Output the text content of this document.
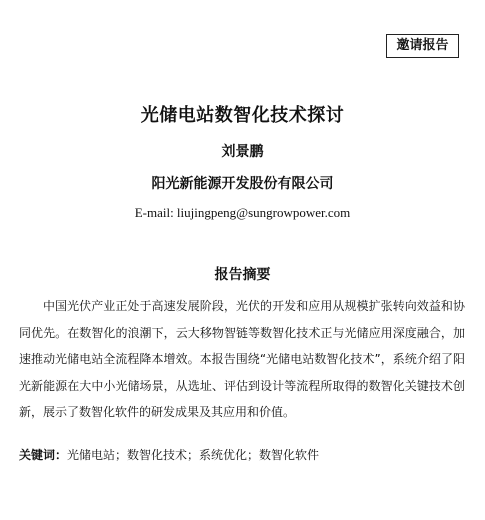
邀请报告
光储电站数智化技术探讨
刘景鹏
阳光新能源开发股份有限公司
E-mail: liujingpeng@sungrowpower.com
报告摘要

中国光伏产业正处于高速发展阶段，光伏的开发和应用从规模扩张转向效益和协同优先。在数智化的浪潮下，云大移物智链等数智化技术正与光储应用深度融合，加速推动光储电站全流程降本增效。本报告围绕“光储电站数智化技术”，系统介绍了阳光新能源在大中小光储场景，从选址、评估到设计等流程所取得的数智化关键技术创新，展示了数智化软件的研发成果及其应用和价值。

关键词：光储电站；数智化技术；系统优化；数智化软件
